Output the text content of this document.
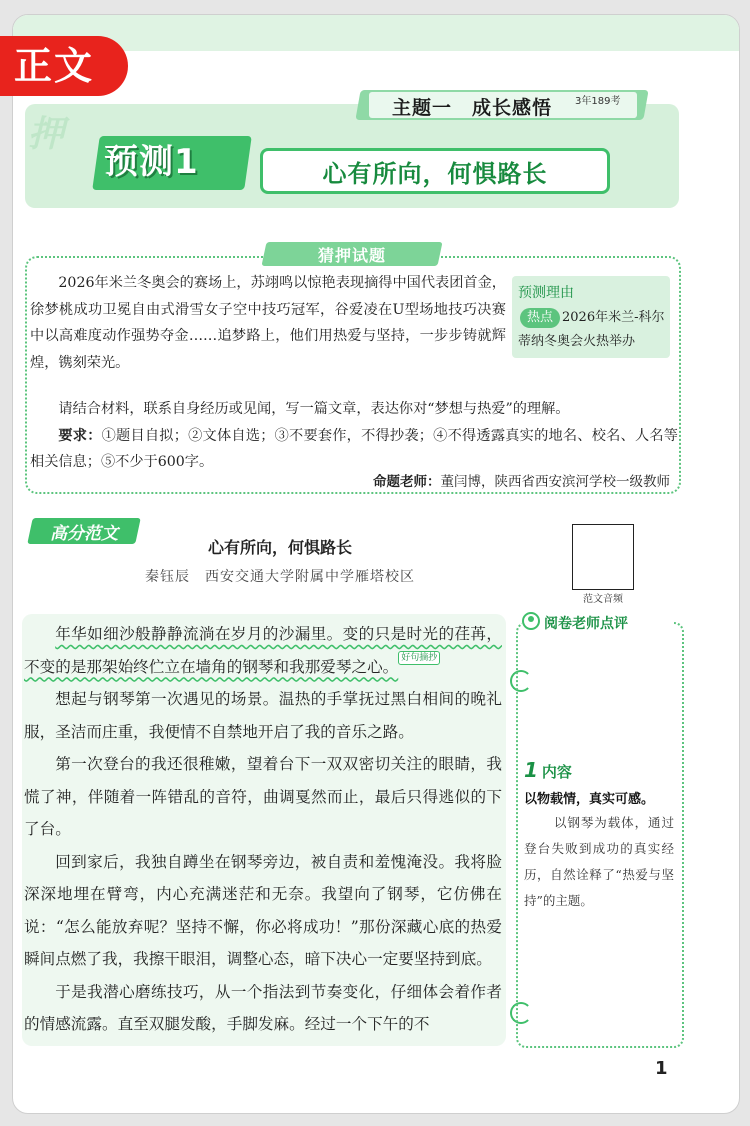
正文
押
主题一　成长感悟 3年189考
预测1	心有所向，何惧路长
猜押试题
2026年米兰冬奥会的赛场上，苏翊鸣以惊艳表现摘得中国代表团首金，徐梦桃成功卫冕自由式滑雪女子空中技巧冠军，谷爱凌在U型场地技巧决赛中以高难度动作强势夺金……追梦路上，他们用热爱与坚持，一步步铸就辉煌，镌刻荣光。
预测理由
热点 2026年米兰-科尔蒂纳冬奥会火热举办
请结合材料，联系自身经历或见闻，写一篇文章，表达你对“梦想与热爱”的理解。
要求：①题目自拟；②文体自选；③不要套作，不得抄袭；④不得透露真实的地名、校名、人名等相关信息；⑤不少于600字。
命题老师：董闫博，陕西省西安滨河学校一级教师
高分范文
心有所向，何惧路长
秦钰辰　西安交通大学附属中学雁塔校区
范文音频

年华如细沙般静静流淌在岁月的沙漏里。变的只是时光的荏苒，不变的是那架始终伫立在墙角的钢琴和我那爱琴之心。 好句摘抄

想起与钢琴第一次遇见的场景。温热的手掌抚过黑白相间的晚礼服，圣洁而庄重，我便情不自禁地开启了我的音乐之路。

第一次登台的我还很稚嫩，望着台下一双双密切关注的眼睛，我慌了神，伴随着一阵错乱的音符，曲调戛然而止，最后只得逃似的下了台。

回到家后，我独自蹲坐在钢琴旁边，被自责和羞愧淹没。我将脸深深地埋在臂弯，内心充满迷茫和无奈。我望向了钢琴，它仿佛在说：“怎么能放弃呢？坚持不懈，你必将成功！”那份深藏心底的热爱瞬间点燃了我，我擦干眼泪，调整心态，暗下决心一定要坚持到底。

于是我潜心磨练技巧，从一个指法到节奏变化，仔细体会着作者的情感流露。直至双腿发酸，手脚发麻。经过一个下午的不

阅卷老师点评
1 内容
以物载情，真实可感。
以钢琴为载体，通过登台失败到成功的真实经历，自然诠释了“热爱与坚持”的主题。
1
